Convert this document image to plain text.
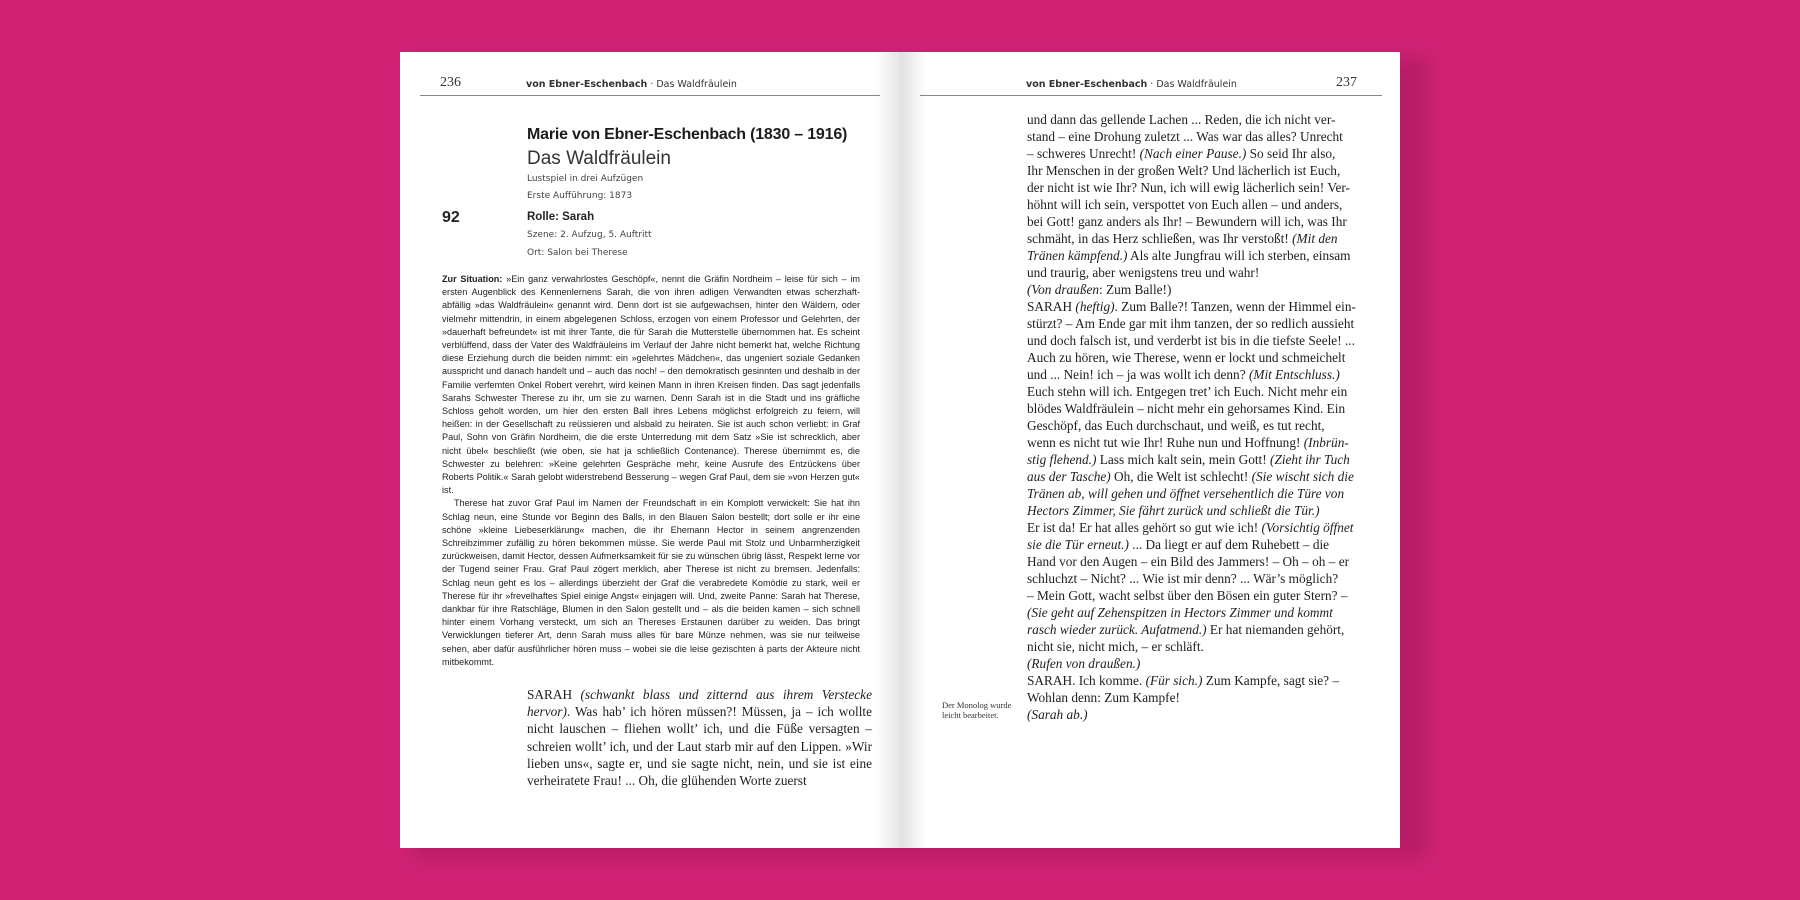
236	von Ebner-Eschenbach · Das Waldfräulein
Marie von Ebner-Eschenbach (1830 – 1916)
Das Waldfräulein
Lustspiel in drei Aufzügen
Erste Aufführung: 1873
92	Rolle: Sarah
Szene: 2. Aufzug, 5. Auftritt
Ort: Salon bei Therese

Zur Situation: »Ein ganz verwahrlostes Geschöpf«, nennt die Gräfin Nordheim – leise für sich – im ersten Augenblick des Kennenlernens Sarah, die von ihren adligen Verwandten etwas scherzhaft-abfällig »das Waldfräulein« genannt wird. Denn dort ist sie aufgewachsen, hinter den Wäldern, oder vielmehr mittendrin, in einem abgelegenen Schloss, erzogen von einem Professor und Gelehrten, der »dauerhaft befreundet« ist mit ihrer Tante, die für Sarah die Mutterstelle übernommen hat. Es scheint verblüffend, dass der Vater des Waldfräuleins im Verlauf der Jahre nicht bemerkt hat, welche Richtung diese Erziehung durch die beiden nimmt: ein »gelehrtes Mädchen«, das ungeniert soziale Gedanken ausspricht und danach handelt und – auch das noch! – den demokratisch gesinnten und deshalb in der Familie verfemten Onkel Robert verehrt, wird keinen Mann in ihren Kreisen finden. Das sagt jedenfalls Sarahs Schwester Therese zu ihr, um sie zu warnen. Denn Sarah ist in die Stadt und ins gräfliche Schloss geholt worden, um hier den ersten Ball ihres Lebens möglichst erfolgreich zu feiern, will heißen: in der Gesellschaft zu reüssieren und alsbald zu heiraten. Sie ist auch schon verliebt: in Graf Paul, Sohn von Gräfin Nordheim, die die erste Unterredung mit dem Satz »Sie ist schrecklich, aber nicht übel« beschließt (wie oben, sie hat ja schließlich Contenance). Therese übernimmt es, die Schwester zu belehren: »Keine gelehrten Gespräche mehr, keine Ausrufe des Entzückens über Roberts Politik.« Sarah gelobt widerstrebend Besserung – wegen Graf Paul, dem sie »von Herzen gut« ist.

Therese hat zuvor Graf Paul im Namen der Freundschaft in ein Komplott verwickelt: Sie hat ihn Schlag neun, eine Stunde vor Beginn des Balls, in den Blauen Salon bestellt; dort solle er ihr eine schöne »kleine Liebeserklärung« machen, die ihr Ehemann Hector in seinem angrenzenden Schreibzimmer zufällig zu hören bekommen müsse. Sie werde Paul mit Stolz und Unbarmherzigkeit zurückweisen, damit Hector, dessen Aufmerksamkeit für sie zu wünschen übrig lässt, Respekt lerne vor der Tugend seiner Frau. Graf Paul zögert merklich, aber Therese ist nicht zu bremsen. Jedenfalls: Schlag neun geht es los – allerdings überzieht der Graf die verabredete Komödie zu stark, weil er Therese für ihr »frevelhaftes Spiel einige Angst« einjagen will. Und, zweite Panne: Sarah hat Therese, dankbar für ihre Ratschläge, Blumen in den Salon gestellt und – als die beiden kamen – sich schnell hinter einem Vorhang versteckt, um sich an Thereses Erstaunen darüber zu weiden. Das bringt Verwicklungen tieferer Art, denn Sarah muss alles für bare Münze nehmen, was sie nur teilweise sehen, aber dafür ausführlicher hören muss – wobei sie die leise gezischten à parts der Akteure nicht mitbekommt.

SARAH (schwankt blass und zitternd aus ihrem Verstecke hervor). Was hab’ ich hören müssen?! Müssen, ja – ich wollte nicht lauschen – fliehen wollt’ ich, und die Füße versagten – schreien wollt’ ich, und der Laut starb mir auf den Lippen. »Wir lieben uns«, sagte er, und sie sagte nicht, nein, und sie ist eine verheiratete Frau! ... Oh, die glühenden Worte zuerst

von Ebner-Eschenbach · Das Waldfräulein	237
Der Monolog wurde leicht bearbeitet.

und dann das gellende Lachen ... Reden, die ich nicht ver-

stand – eine Drohung zuletzt ... Was war das alles? Unrecht

– schweres Unrecht! (Nach einer Pause.) So seid Ihr also,

Ihr Menschen in der großen Welt? Und lächerlich ist Euch,

der nicht ist wie Ihr? Nun, ich will ewig lächerlich sein! Ver-

höhnt will ich sein, verspottet von Euch allen – und anders,

bei Gott! ganz anders als Ihr! – Bewundern will ich, was Ihr

schmäht, in das Herz schließen, was Ihr verstoßt! (Mit den

Tränen kämpfend.) Als alte Jungfrau will ich sterben, einsam

und traurig, aber wenigstens treu und wahr!

(Von draußen: Zum Balle!)

SARAH (heftig). Zum Balle?! Tanzen, wenn der Himmel ein-

stürzt? – Am Ende gar mit ihm tanzen, der so redlich aussieht

und doch falsch ist, und verderbt ist bis in die tiefste Seele! ...

Auch zu hören, wie Therese, wenn er lockt und schmeichelt

und ... Nein! ich – ja was wollt ich denn? (Mit Entschluss.)

Euch stehn will ich. Entgegen tret’ ich Euch. Nicht mehr ein

blödes Waldfräulein – nicht mehr ein gehorsames Kind. Ein

Geschöpf, das Euch durchschaut, und weiß, es tut recht,

wenn es nicht tut wie Ihr! Ruhe nun und Hoffnung! (Inbrün-

stig flehend.) Lass mich kalt sein, mein Gott! (Zieht ihr Tuch

aus der Tasche) Oh, die Welt ist schlecht! (Sie wischt sich die

Tränen ab, will gehen und öffnet versehentlich die Türe von

Hectors Zimmer, Sie fährt zurück und schließt die Tür.)

Er ist da! Er hat alles gehört so gut wie ich! (Vorsichtig öffnet

sie die Tür erneut.) ... Da liegt er auf dem Ruhebett – die

Hand vor den Augen – ein Bild des Jammers! – Oh – oh – er

schluchzt – Nicht? ... Wie ist mir denn? ... Wär’s möglich?

– Mein Gott, wacht selbst über den Bösen ein guter Stern? –

(Sie geht auf Zehenspitzen in Hectors Zimmer und kommt

rasch wieder zurück. Aufatmend.) Er hat niemanden gehört,

nicht sie, nicht mich, – er schläft.

(Rufen von draußen.)

SARAH. Ich komme. (Für sich.) Zum Kampfe, sagt sie? –

Wohlan denn: Zum Kampfe!

(Sarah ab.)
